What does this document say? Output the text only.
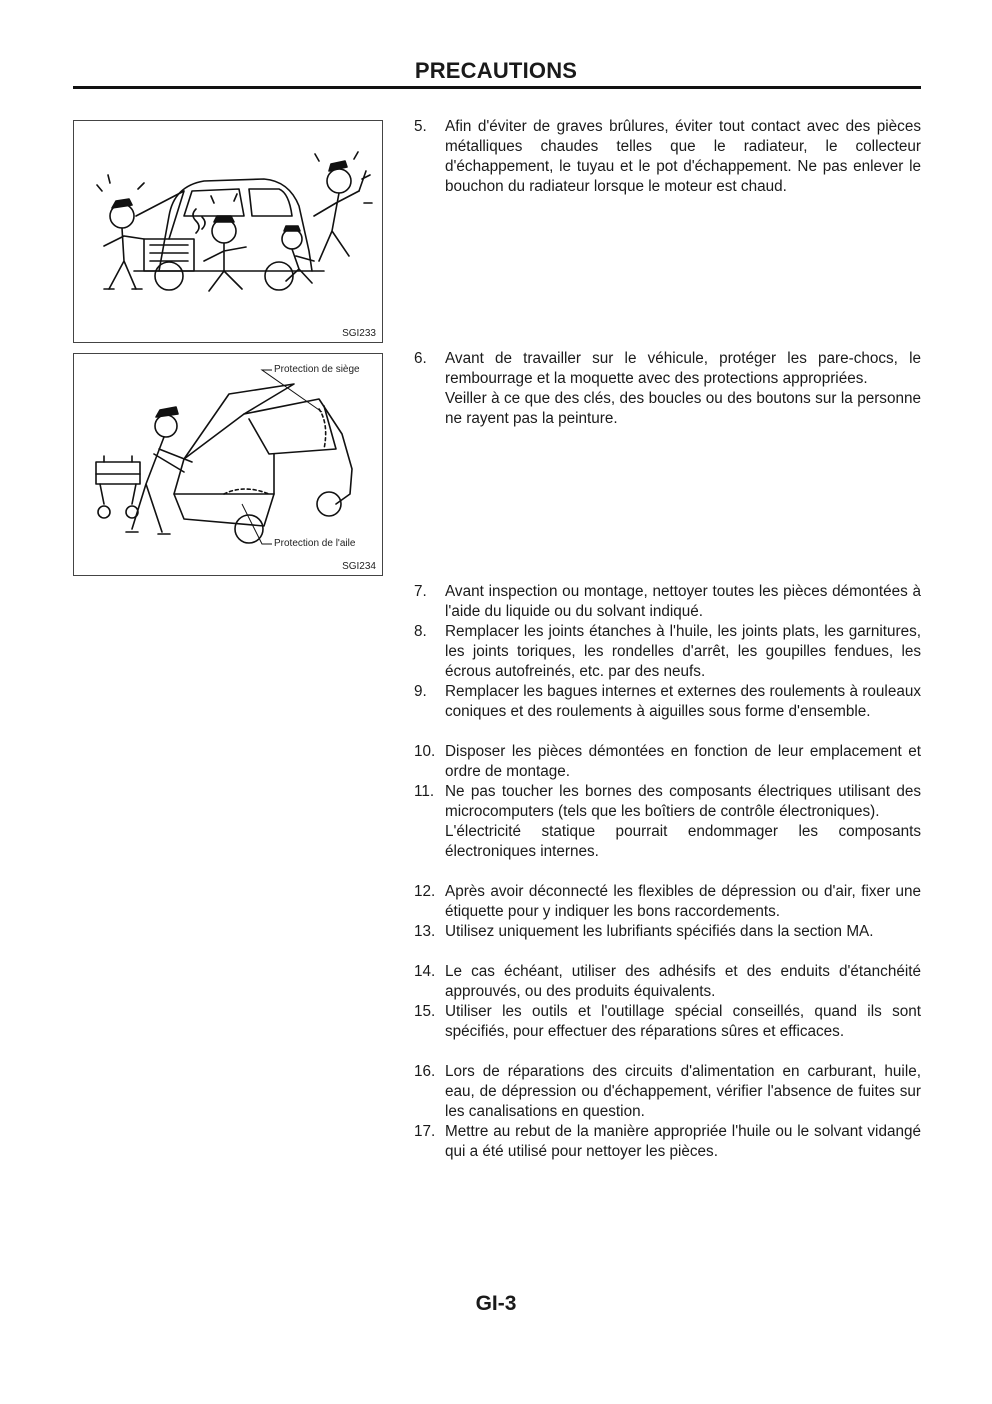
PRECAUTIONS
SGI233
Protection de siège
Protection de l'aile
SGI234
5. Afin d'éviter de graves brûlures, éviter tout contact avec des pièces métalliques chaudes telles que le radiateur, le collecteur d'échappement, le tuyau et le pot d'échappement. Ne pas enlever le bouchon du radiateur lorsque le moteur est chaud.

6. Avant de travailler sur le véhicule, protéger les pare-chocs, le rembourrage et la moquette avec des protections appropriées.

Veiller à ce que des clés, des boucles ou des boutons sur la personne ne rayent pas la peinture.

7. Avant inspection ou montage, nettoyer toutes les pièces démontées à l'aide du liquide ou du solvant indiqué.

8. Remplacer les joints étanches à l'huile, les joints plats, les garnitures, les joints toriques, les rondelles d'arrêt, les goupilles fendues, les écrous autofreinés, etc. par des neufs.

9. Remplacer les bagues internes et externes des roulements à rouleaux coniques et des roulements à aiguilles sous forme d'ensemble.

10. Disposer les pièces démontées en fonction de leur emplacement et ordre de montage.

11. Ne pas toucher les bornes des composants électriques utilisant des microcomputers (tels que les boîtiers de contrôle électroniques).

L'électricité statique pourrait endommager les composants électroniques internes.

12. Après avoir déconnecté les flexibles de dépression ou d'air, fixer une étiquette pour y indiquer les bons raccordements.

13. Utilisez uniquement les lubrifiants spécifiés dans la section MA.

14. Le cas échéant, utiliser des adhésifs et des enduits d'étanchéité approuvés, ou des produits équivalents.

15. Utiliser les outils et l'outillage spécial conseillés, quand ils sont spécifiés, pour effectuer des réparations sûres et efficaces.

16. Lors de réparations des circuits d'alimentation en carburant, huile, eau, de dépression ou d'échappement, vérifier l'absence de fuites sur les canalisations en question.

17. Mettre au rebut de la manière appropriée l'huile ou le solvant vidangé qui a été utilisé pour nettoyer les pièces.

GI-3
